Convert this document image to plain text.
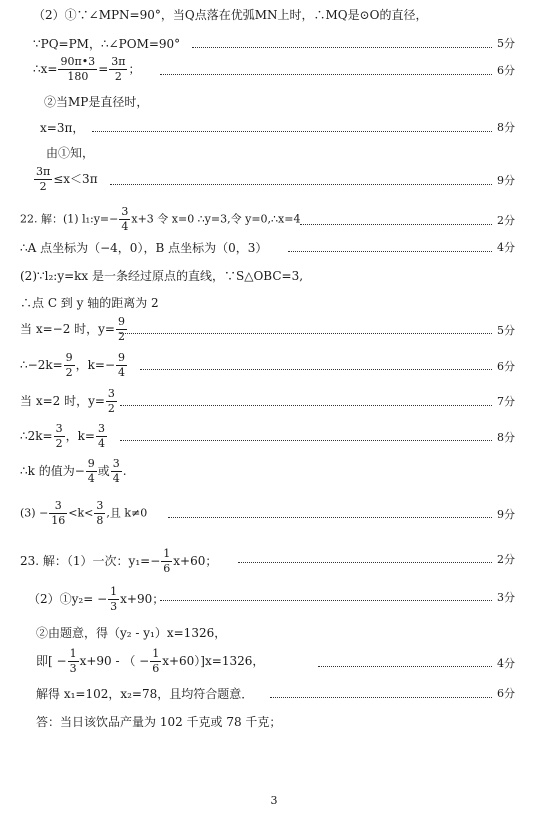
（2）①∵∠MPN=90°，当Q点落在优弧MN上时，∴MQ是⊙O的直径，
∵PQ=PM，∴∠POM=90°	5分
∴x= $\frac{90\pi•3}{180} = \frac{3\pi}{2}$ ；	6分
②当MP是直径时，
x=3π，	8分
由①知，
$\frac{3\pi}{2} \le x<3\pi$	9分
22. 解：(1) l₁:y=− $\frac{3}{4} x+3$ 令 x=0 ∴y=3,令 y=0,∴x=4	2分
∴A 点坐标为（−4，0），B 点坐标为（0，3）	4分
(2)∵l₂:y=kx 是一条经过原点的直线，∵S△OBC=3,
∴点 C 到 y 轴的距离为 2
当 x=−2 时，$y= \frac{9}{2}$	5分
∴−2k= $\frac{9}{2}$ ，$k=- \frac{9}{4}$	6分
当 x=2 时，$y= \frac{3}{2}$	7分
∴2k= $\frac{3}{2}$ ，$k= \frac{3}{4}$	8分
∴k 的值为− $\frac{9}{4}$ 或 $\frac{3}{4}$ .
$(3) - \frac{3}{16} <k< \frac{3}{8}$ ,且 k≠0	9分
23. 解：（1）一次：$y_1=- \frac{1}{6} x+60$；	2分
（2）①y₂= − $\frac{1}{3} x+90$；	3分
②由题意，得（y₂ - y₁）x=1326，
即[ − $\frac{1}{3} x+90$ - （ − $\frac{1}{6} x+60)]x=1326$，	4分
解得 x₁=102，x₂=78，且均符合题意．	6分
答：当日该饮品产量为 102 千克或 78 千克；
3
